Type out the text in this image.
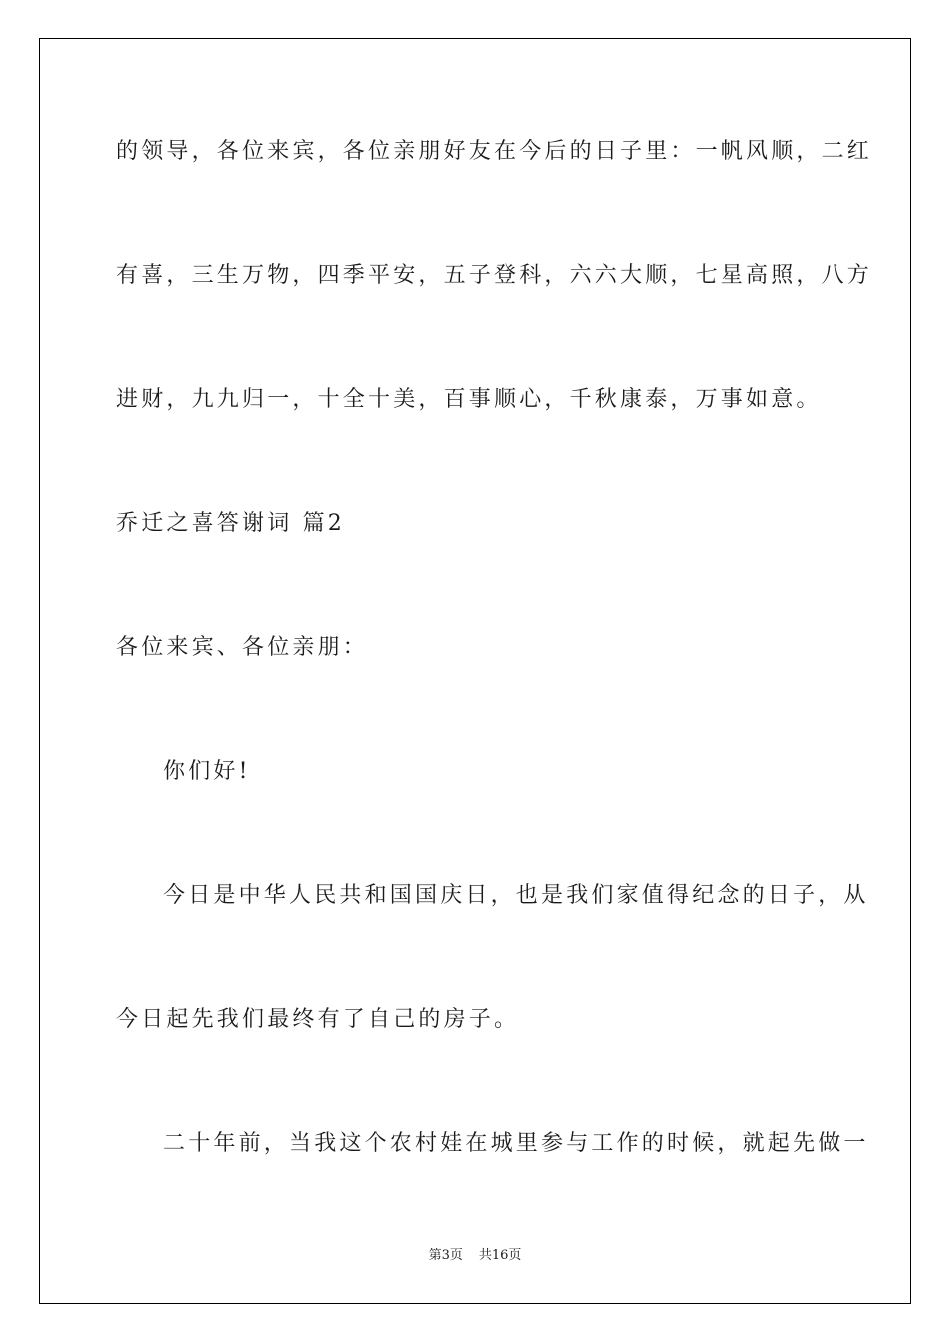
的领导，各位来宾，各位亲朋好友在今后的日子里：一帆风顺，二红
有喜，三生万物，四季平安，五子登科，六六大顺，七星高照，八方
进财，九九归一，十全十美，百事顺心，千秋康泰，万事如意。
乔迁之喜答谢词 篇2
各位来宾、各位亲朋：
你们好!
今日是中华人民共和国国庆日，也是我们家值得纪念的日子，从
今日起先我们最终有了自己的房子。
二十年前，当我这个农村娃在城里参与工作的时候，就起先做一
第3页 共16页
